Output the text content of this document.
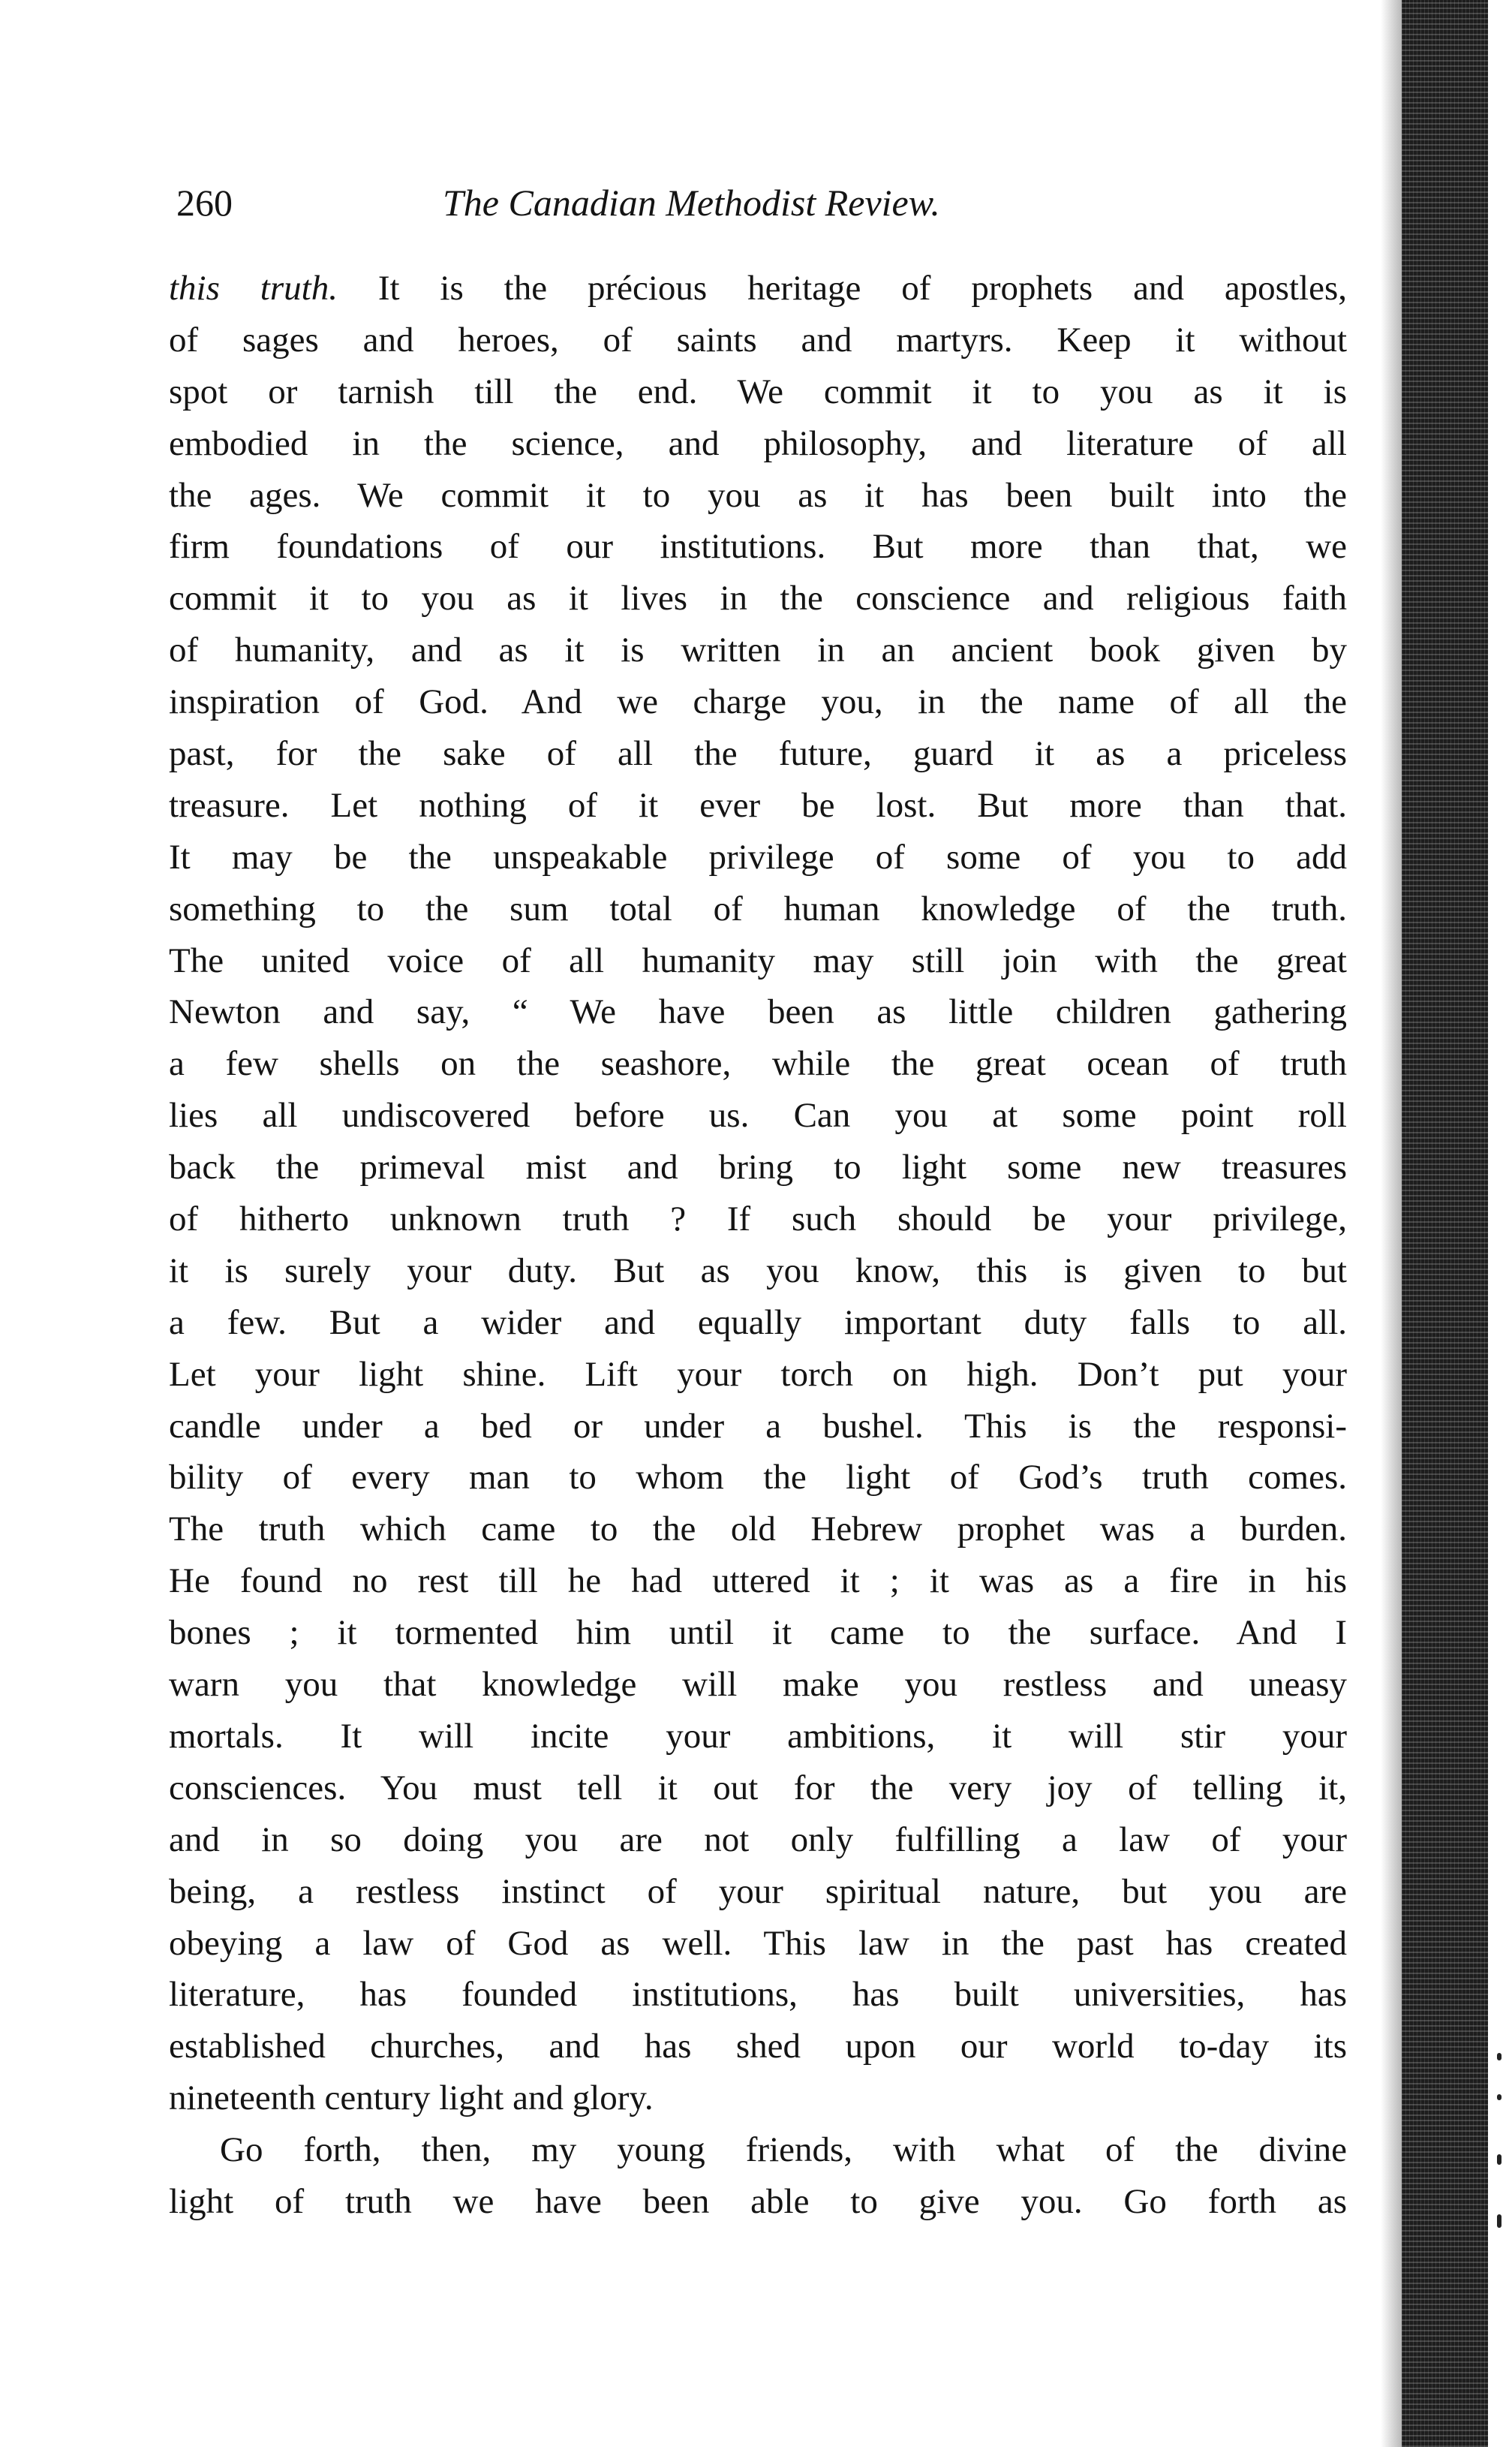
260	The Canadian Methodist Review.
this truth. It is the précious heritage of prophets and apostles,
of sages and heroes, of saints and martyrs. Keep it without
spot or tarnish till the end. We commit it to you as it is
embodied in the science, and philosophy, and literature of all
the ages. We commit it to you as it has been built into the
firm foundations of our institutions. But more than that, we
commit it to you as it lives in the conscience and religious faith
of humanity, and as it is written in an ancient book given by
inspiration of God. And we charge you, in the name of all the
past, for the sake of all the future, guard it as a priceless
treasure. Let nothing of it ever be lost. But more than that.
It may be the unspeakable privilege of some of you to add
something to the sum total of human knowledge of the truth.
The united voice of all humanity may still join with the great
Newton and say, “ We have been as little children gathering
a few shells on the seashore, while the great ocean of truth
lies all undiscovered before us. Can you at some point roll
back the primeval mist and bring to light some new treasures
of hitherto unknown truth ? If such should be your privilege,
it is surely your duty. But as you know, this is given to but
a few. But a wider and equally important duty falls to all.
Let your light shine. Lift your torch on high. Don’t put your
candle under a bed or under a bushel. This is the responsi-
bility of every man to whom the light of God’s truth comes.
The truth which came to the old Hebrew prophet was a burden.
He found no rest till he had uttered it ; it was as a fire in his
bones ; it tormented him until it came to the surface. And I
warn you that knowledge will make you restless and uneasy
mortals. It will incite your ambitions, it will stir your
consciences. You must tell it out for the very joy of telling it,
and in so doing you are not only fulfilling a law of your
being, a restless instinct of your spiritual nature, but you are
obeying a law of God as well. This law in the past has created
literature, has founded institutions, has built universities, has
established churches, and has shed upon our world to-day its
nineteenth century light and glory.
Go forth, then, my young friends, with what of the divine
light of truth we have been able to give you. Go forth as
